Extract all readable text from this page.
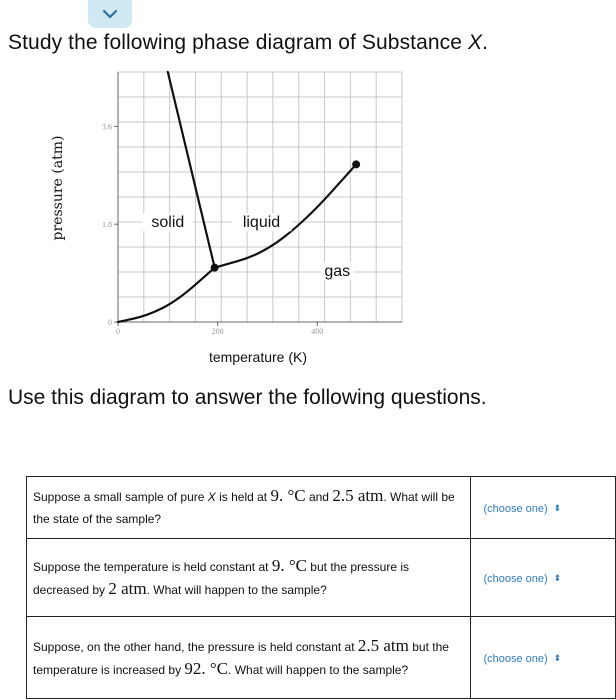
Study the following phase diagram of Substance X.
solid	liquid
gas
0	200	400
0
1.8
3.6
temperature (K)
pressure (atm)
Use this diagram to answer the following questions.
Suppose a small sample of pure X is held at 9. °C and 2.5 atm. What will be the state of the sample?	(choose one) ⬍

Suppose the temperature is held constant at 9. °C but the pressure is decreased by 2 atm. What will happen to the sample?	(choose one) ⬍

Suppose, on the other hand, the pressure is held constant at 2.5 atm but the temperature is increased by 92. °C. What will happen to the sample?	(choose one) ⬍
